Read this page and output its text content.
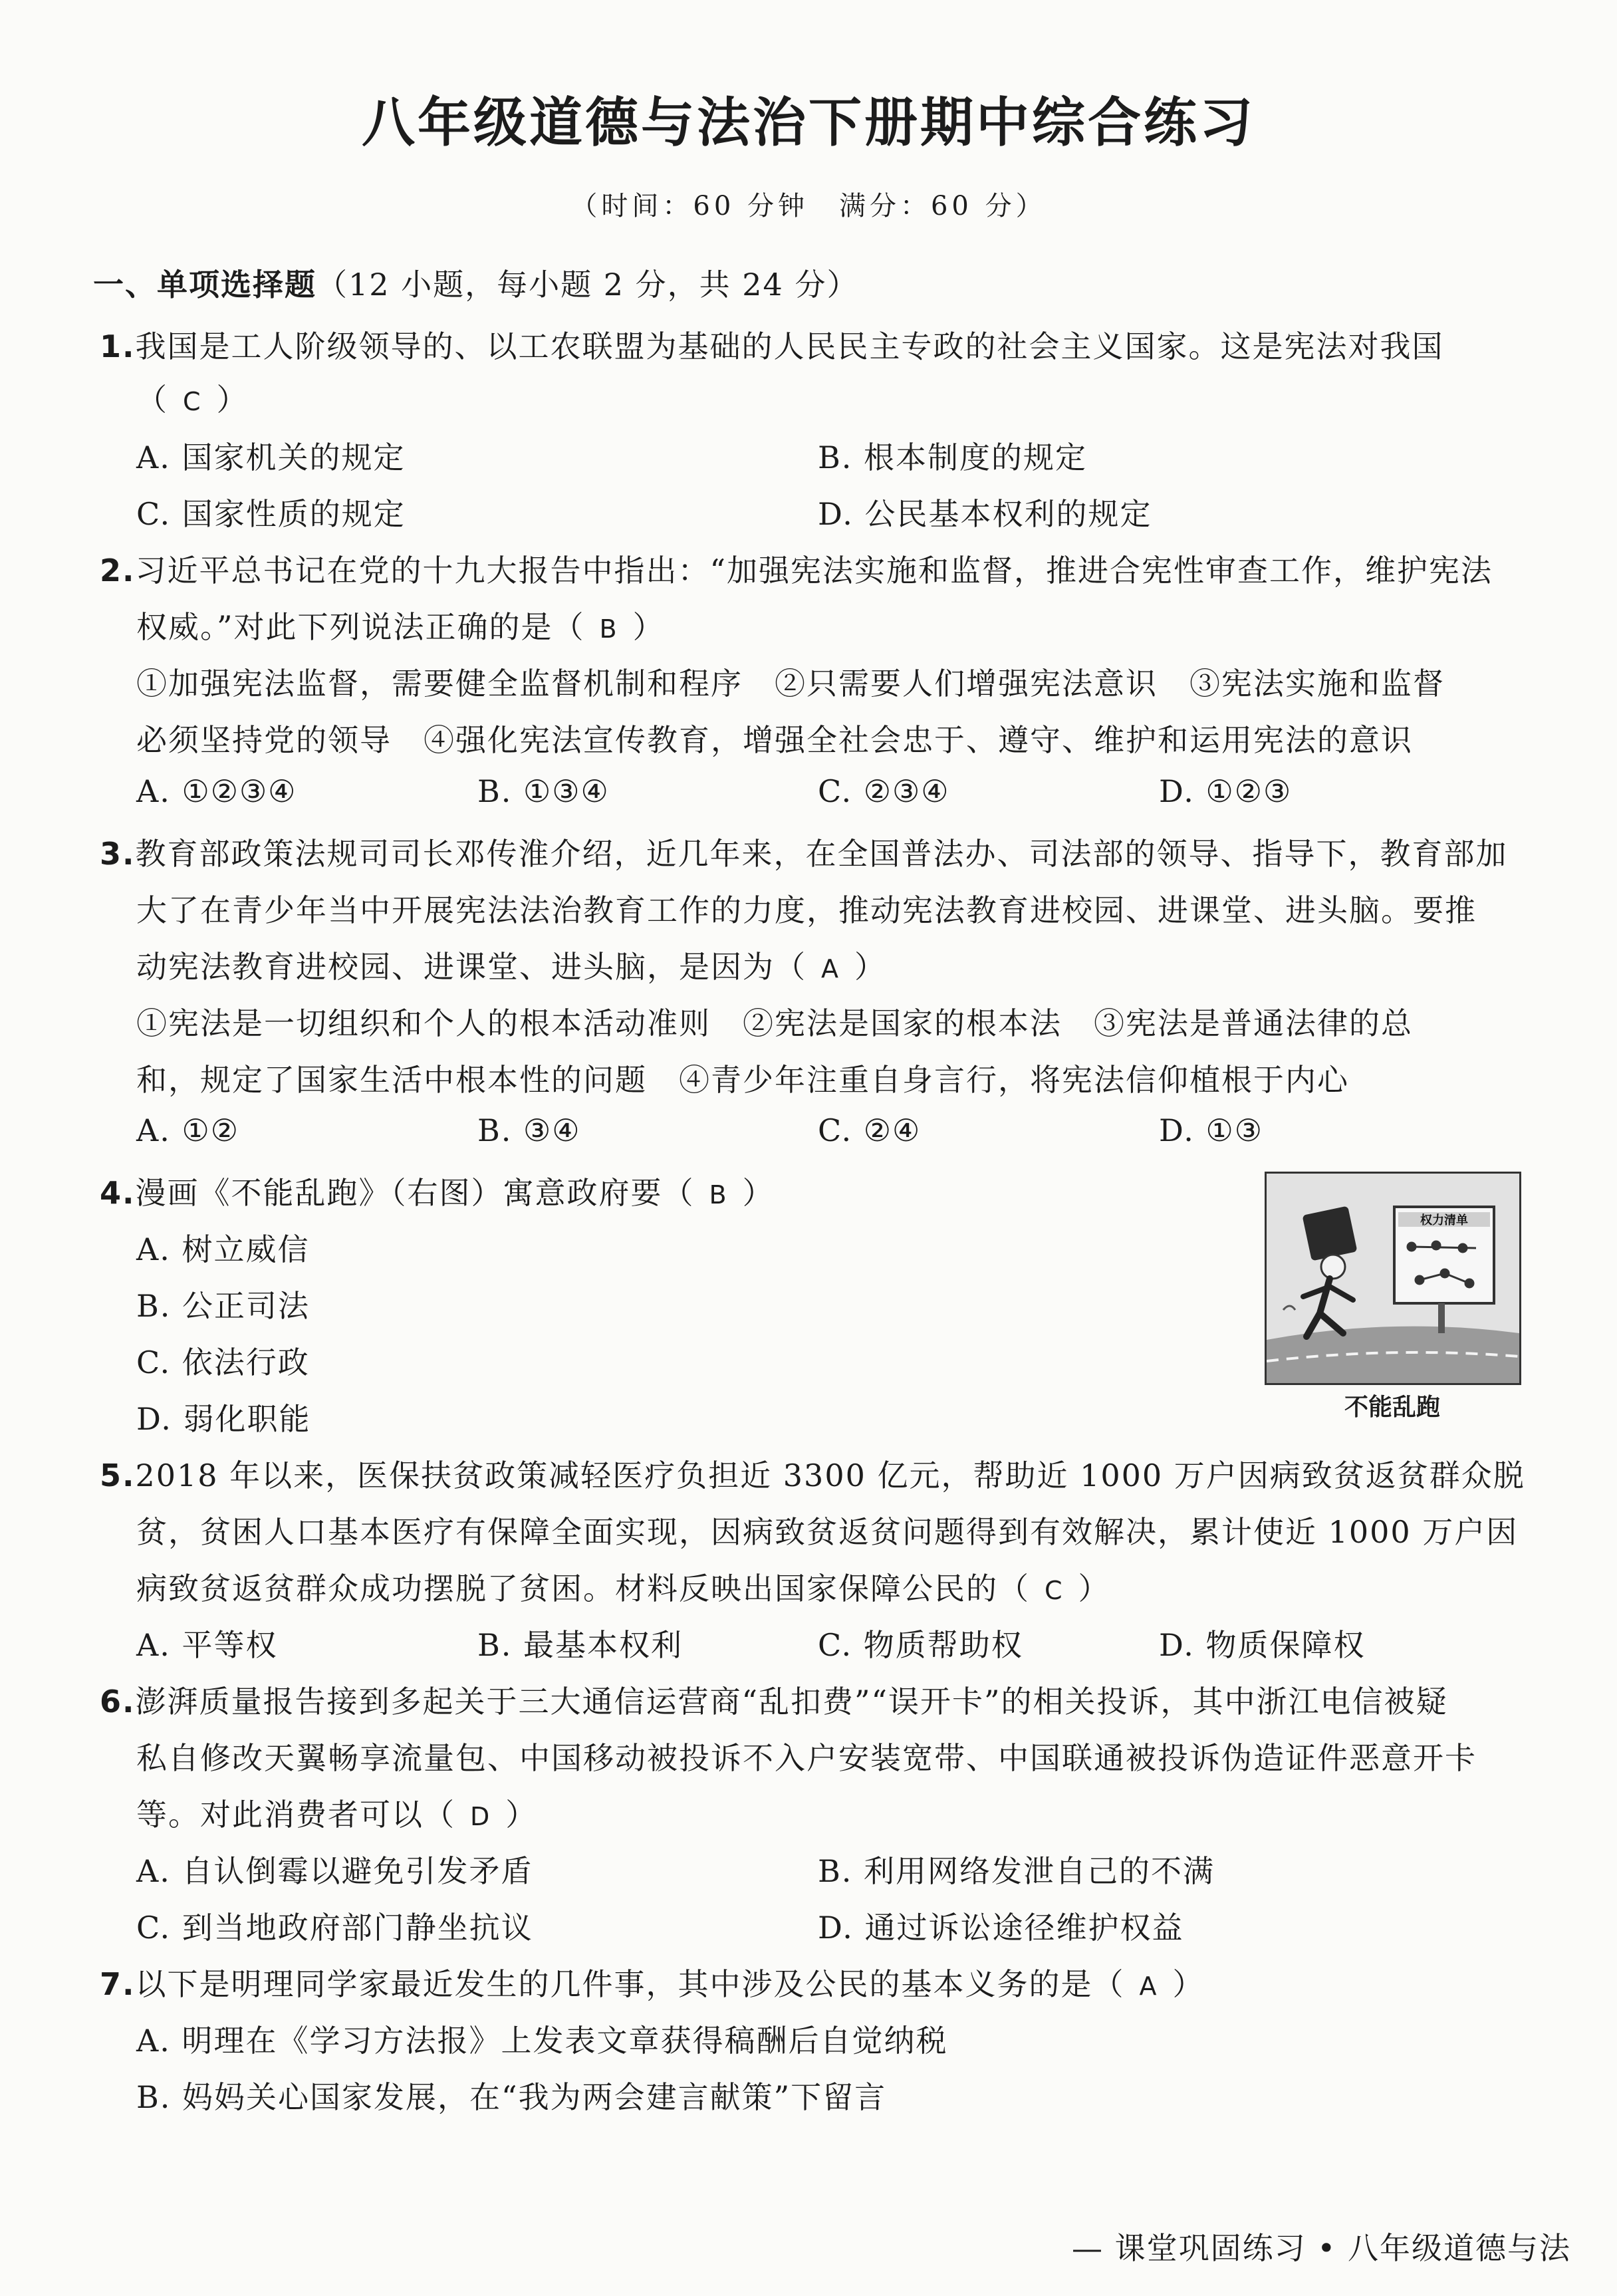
八年级道德与法治下册期中综合练习
（时间：60 分钟　满分：60 分）
一、单项选择题（12 小题，每小题 2 分，共 24 分）
1.我国是工人阶级领导的、以工农联盟为基础的人民民主专政的社会主义国家。这是宪法对我国
（ C ）
A. 国家机关的规定	B. 根本制度的规定
C. 国家性质的规定	D. 公民基本权利的规定
2.习近平总书记在党的十九大报告中指出：“加强宪法实施和监督，推进合宪性审查工作，维护宪法
权威。”对此下列说法正确的是（ B ）
①加强宪法监督，需要健全监督机制和程序　②只需要人们增强宪法意识　③宪法实施和监督
必须坚持党的领导　④强化宪法宣传教育，增强全社会忠于、遵守、维护和运用宪法的意识
A. ①②③④	B. ①③④	C. ②③④	D. ①②③
3.教育部政策法规司司长邓传淮介绍，近几年来，在全国普法办、司法部的领导、指导下，教育部加
大了在青少年当中开展宪法法治教育工作的力度，推动宪法教育进校园、进课堂、进头脑。要推
动宪法教育进校园、进课堂、进头脑，是因为（ A ）
①宪法是一切组织和个人的根本活动准则　②宪法是国家的根本法　③宪法是普通法律的总
和，规定了国家生活中根本性的问题　④青少年注重自身言行，将宪法信仰植根于内心
A. ①②	B. ③④	C. ②④	D. ①③
4.漫画《不能乱跑》（右图）寓意政府要（ B ）
A. 树立威信
B. 公正司法
C. 依法行政
D. 弱化职能
权力清单
不能乱跑
5.2018 年以来，医保扶贫政策减轻医疗负担近 3300 亿元，帮助近 1000 万户因病致贫返贫群众脱
贫，贫困人口基本医疗有保障全面实现，因病致贫返贫问题得到有效解决，累计使近 1000 万户因
病致贫返贫群众成功摆脱了贫困。材料反映出国家保障公民的（ C ）
A. 平等权	B. 最基本权利	C. 物质帮助权	D. 物质保障权
6.澎湃质量报告接到多起关于三大通信运营商“乱扣费”“误开卡”的相关投诉，其中浙江电信被疑
私自修改天翼畅享流量包、中国移动被投诉不入户安装宽带、中国联通被投诉伪造证件恶意开卡
等。对此消费者可以（ D ）
A. 自认倒霉以避免引发矛盾	B. 利用网络发泄自己的不满
C. 到当地政府部门静坐抗议	D. 通过诉讼途径维护权益
7.以下是明理同学家最近发生的几件事，其中涉及公民的基本义务的是（ A ）
A. 明理在《学习方法报》上发表文章获得稿酬后自觉纳税
B. 妈妈关心国家发展，在“我为两会建言献策”下留言
— 课堂巩固练习 • 八年级道德与法
